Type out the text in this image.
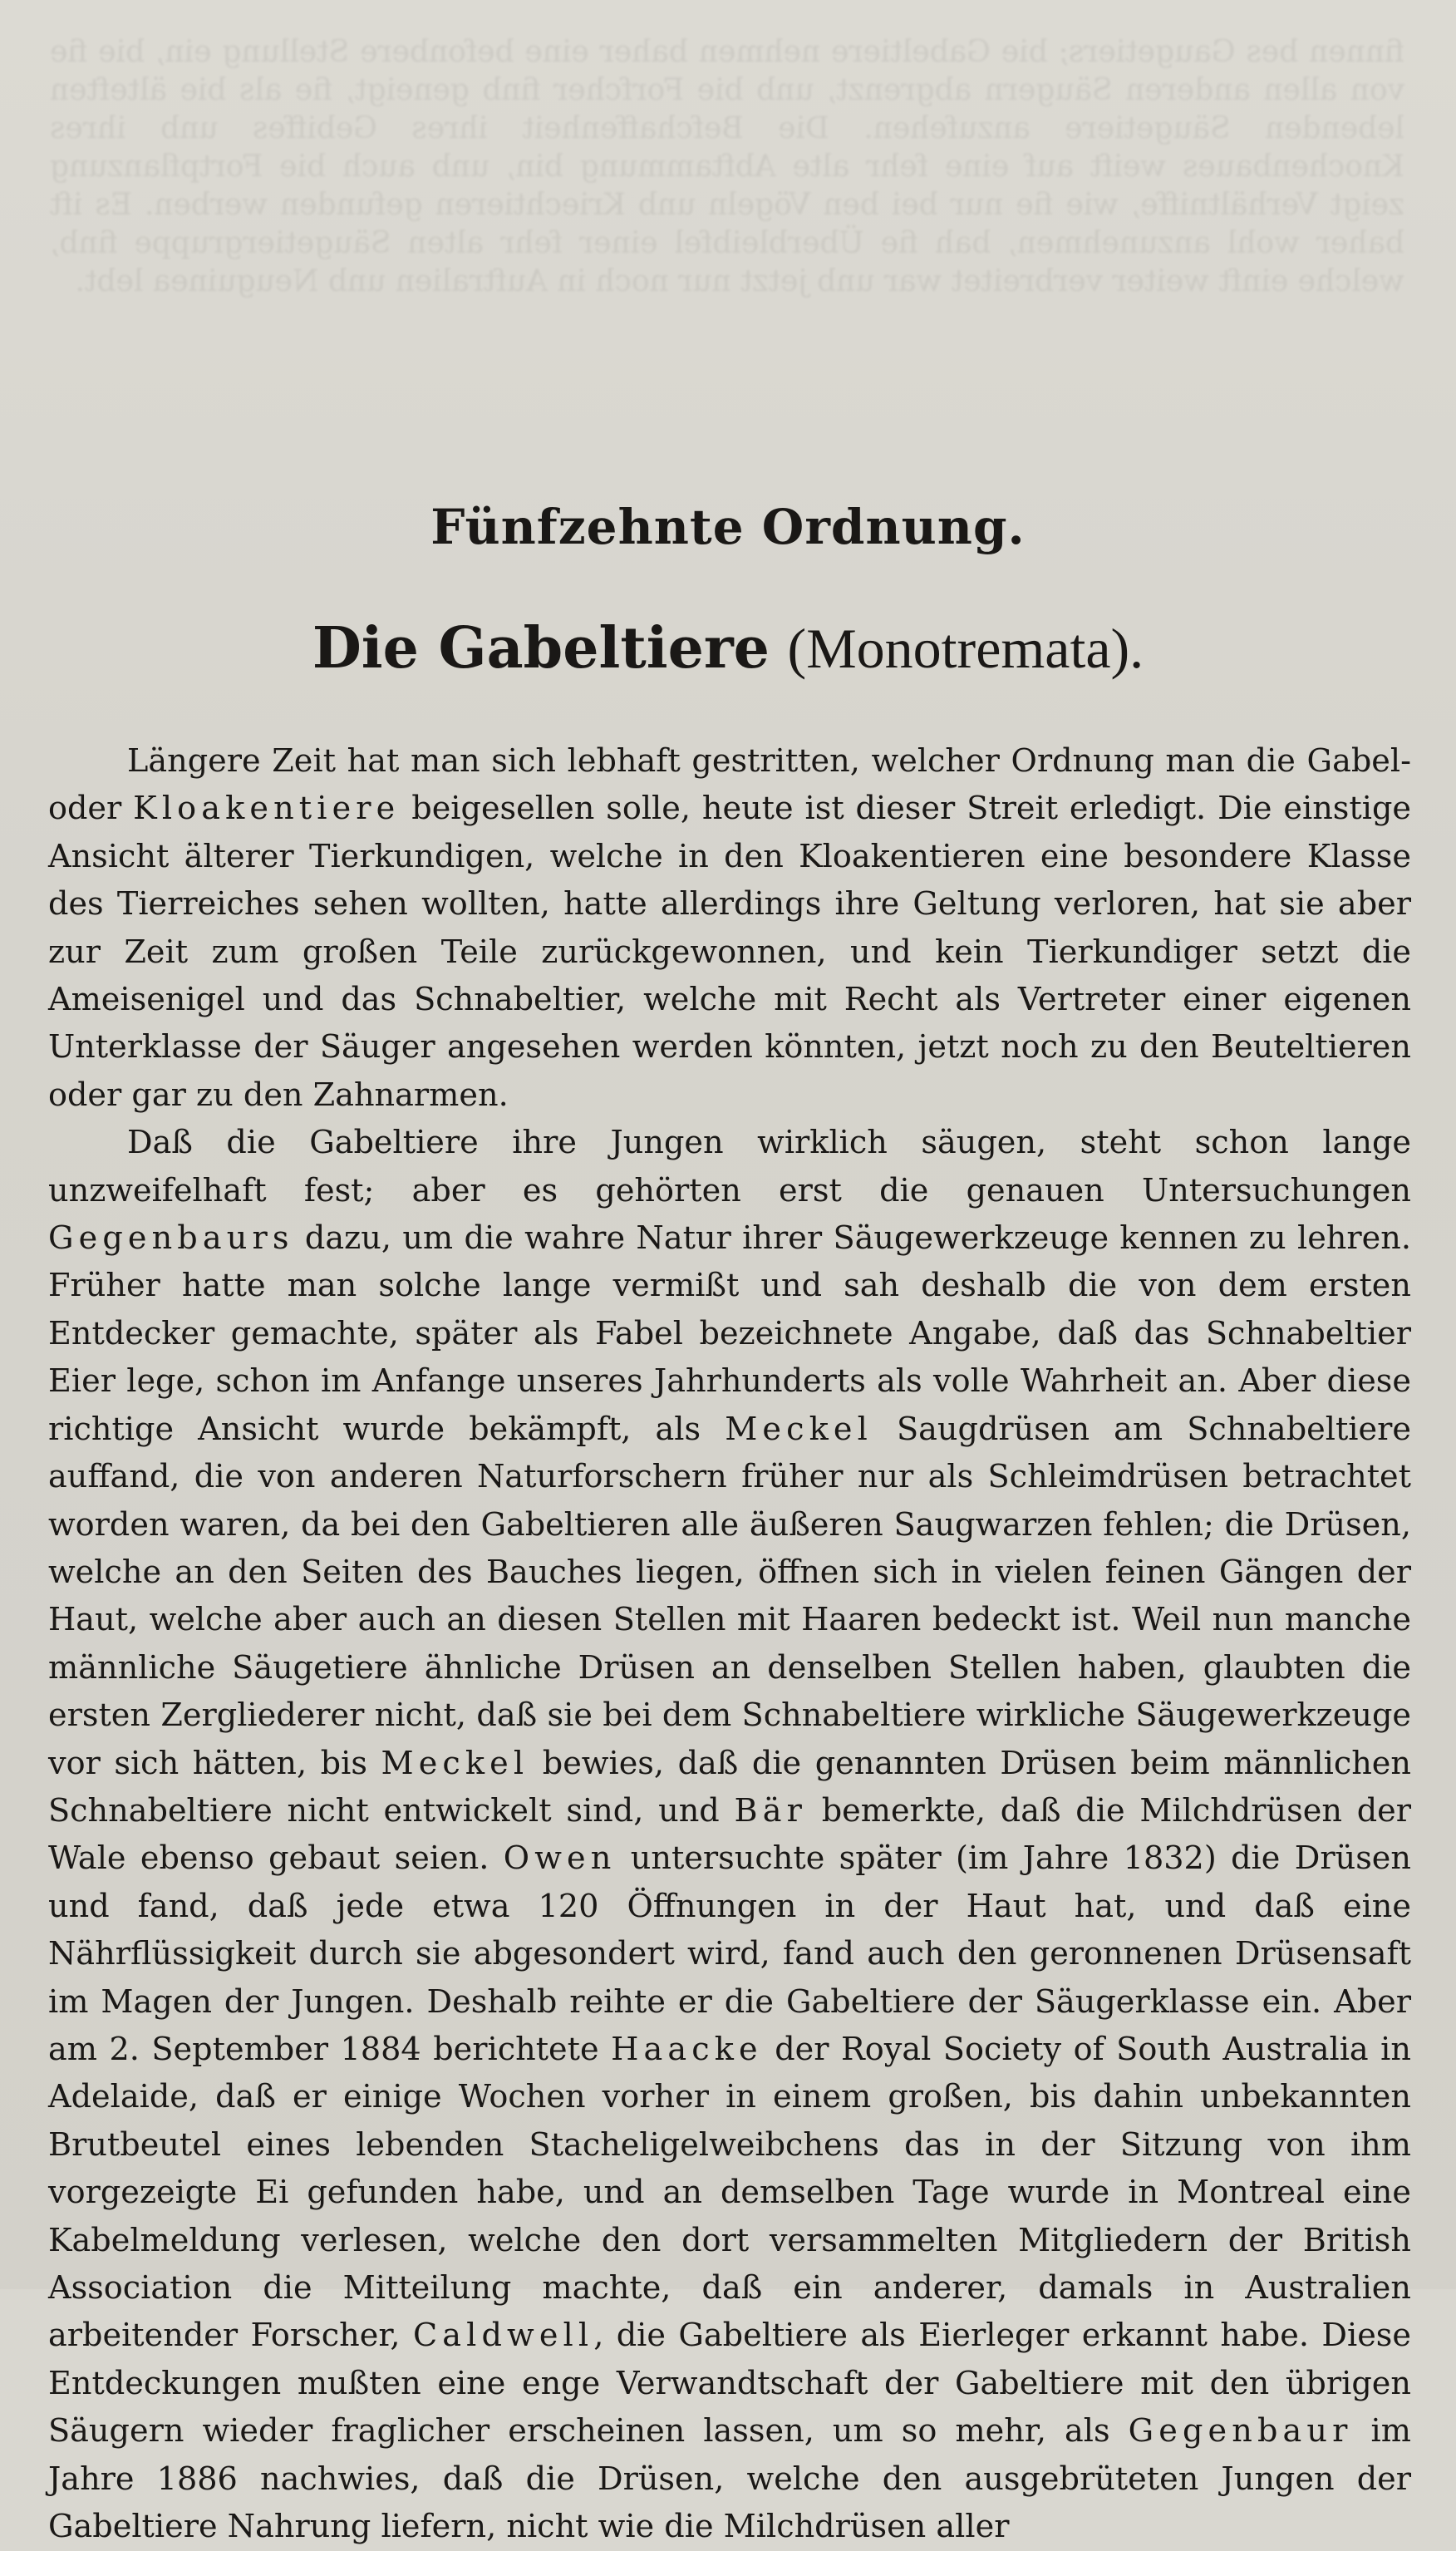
finnen bes Gaugetiers; bie Gabeltiere nehmen baher eine befonbere Stellung ein, bie fie von allen anderen Säugern abgrenzt, unb bie Forfcher finb geneigt, fie als bie älteften lebenden Säugetiere anzufehen. Die Befchaffenheit ihres Gebiffes unb ihres Knochenbaues weift auf eine fehr alte Abftammung bin, unb auch bie Fortpflanzung zeigt Verhältniffe, wie fie nur bei ben Vögeln unb Kriechtieren gefunden werben. Es ift baher wohl anzunehmen, bah fie Überbleibfel einer fehr alten Säugetiergruppe finb, welche einft weiter verbreitet war unb jetzt nur noch in Auftralien unb Neuguinea lebt.

Fünfzehnte Ordnung.
Die Gabeltiere (Monotremata).

Längere Zeit hat man sich lebhaft gestritten, welcher Ordnung man die Gabel- oder Kloakentiere beigesellen solle, heute ist dieser Streit erledigt. Die einstige Ansicht älterer Tierkundigen, welche in den Kloakentieren eine besondere Klasse des Tierreiches sehen wollten, hatte allerdings ihre Geltung verloren, hat sie aber zur Zeit zum großen Teile zurückgewonnen, und kein Tierkundiger setzt die Ameisenigel und das Schnabeltier, welche mit Recht als Vertreter einer eigenen Unterklasse der Säuger angesehen werden könnten, jetzt noch zu den Beuteltieren oder gar zu den Zahnarmen.

Daß die Gabeltiere ihre Jungen wirklich säugen, steht schon lange unzweifelhaft fest; aber es gehörten erst die genauen Untersuchungen Gegenbaurs dazu, um die wahre Natur ihrer Säugewerkzeuge kennen zu lehren. Früher hatte man solche lange vermißt und sah deshalb die von dem ersten Entdecker gemachte, später als Fabel bezeichnete Angabe, daß das Schnabeltier Eier lege, schon im Anfange unseres Jahrhunderts als volle Wahrheit an. Aber diese richtige Ansicht wurde bekämpft, als Meckel Saugdrüsen am Schnabeltiere auffand, die von anderen Naturforschern früher nur als Schleimdrüsen betrachtet worden waren, da bei den Gabeltieren alle äußeren Saugwarzen fehlen; die Drüsen, welche an den Seiten des Bauches liegen, öffnen sich in vielen feinen Gängen der Haut, welche aber auch an diesen Stellen mit Haaren bedeckt ist. Weil nun manche männliche Säugetiere ähnliche Drüsen an denselben Stellen haben, glaubten die ersten Zergliederer nicht, daß sie bei dem Schnabeltiere wirkliche Säugewerkzeuge vor sich hätten, bis Meckel bewies, daß die genannten Drüsen beim männlichen Schnabeltiere nicht entwickelt sind, und Bär bemerkte, daß die Milchdrüsen der Wale ebenso gebaut seien. Owen untersuchte später (im Jahre 1832) die Drüsen und fand, daß jede etwa 120 Öffnungen in der Haut hat, und daß eine Nährflüssigkeit durch sie abgesondert wird, fand auch den geronnenen Drüsensaft im Magen der Jungen. Deshalb reihte er die Gabeltiere der Säugerklasse ein. Aber am 2. September 1884 berichtete Haacke der Royal Society of South Australia in Adelaide, daß er einige Wochen vorher in einem großen, bis dahin unbekannten Brutbeutel eines lebenden Stacheligelweibchens das in der Sitzung von ihm vorgezeigte Ei gefunden habe, und an demselben Tage wurde in Montreal eine Kabelmeldung verlesen, welche den dort versammelten Mitgliedern der British Association die Mitteilung machte, daß ein anderer, damals in Australien arbeitender Forscher, Caldwell, die Gabeltiere als Eierleger erkannt habe. Diese Entdeckungen mußten eine enge Verwandtschaft der Gabeltiere mit den übrigen Säugern wieder fraglicher erscheinen lassen, um so mehr, als Gegenbaur im Jahre 1886 nachwies, daß die Drüsen, welche den ausgebrüteten Jungen der Gabeltiere Nahrung liefern, nicht wie die Milchdrüsen aller
